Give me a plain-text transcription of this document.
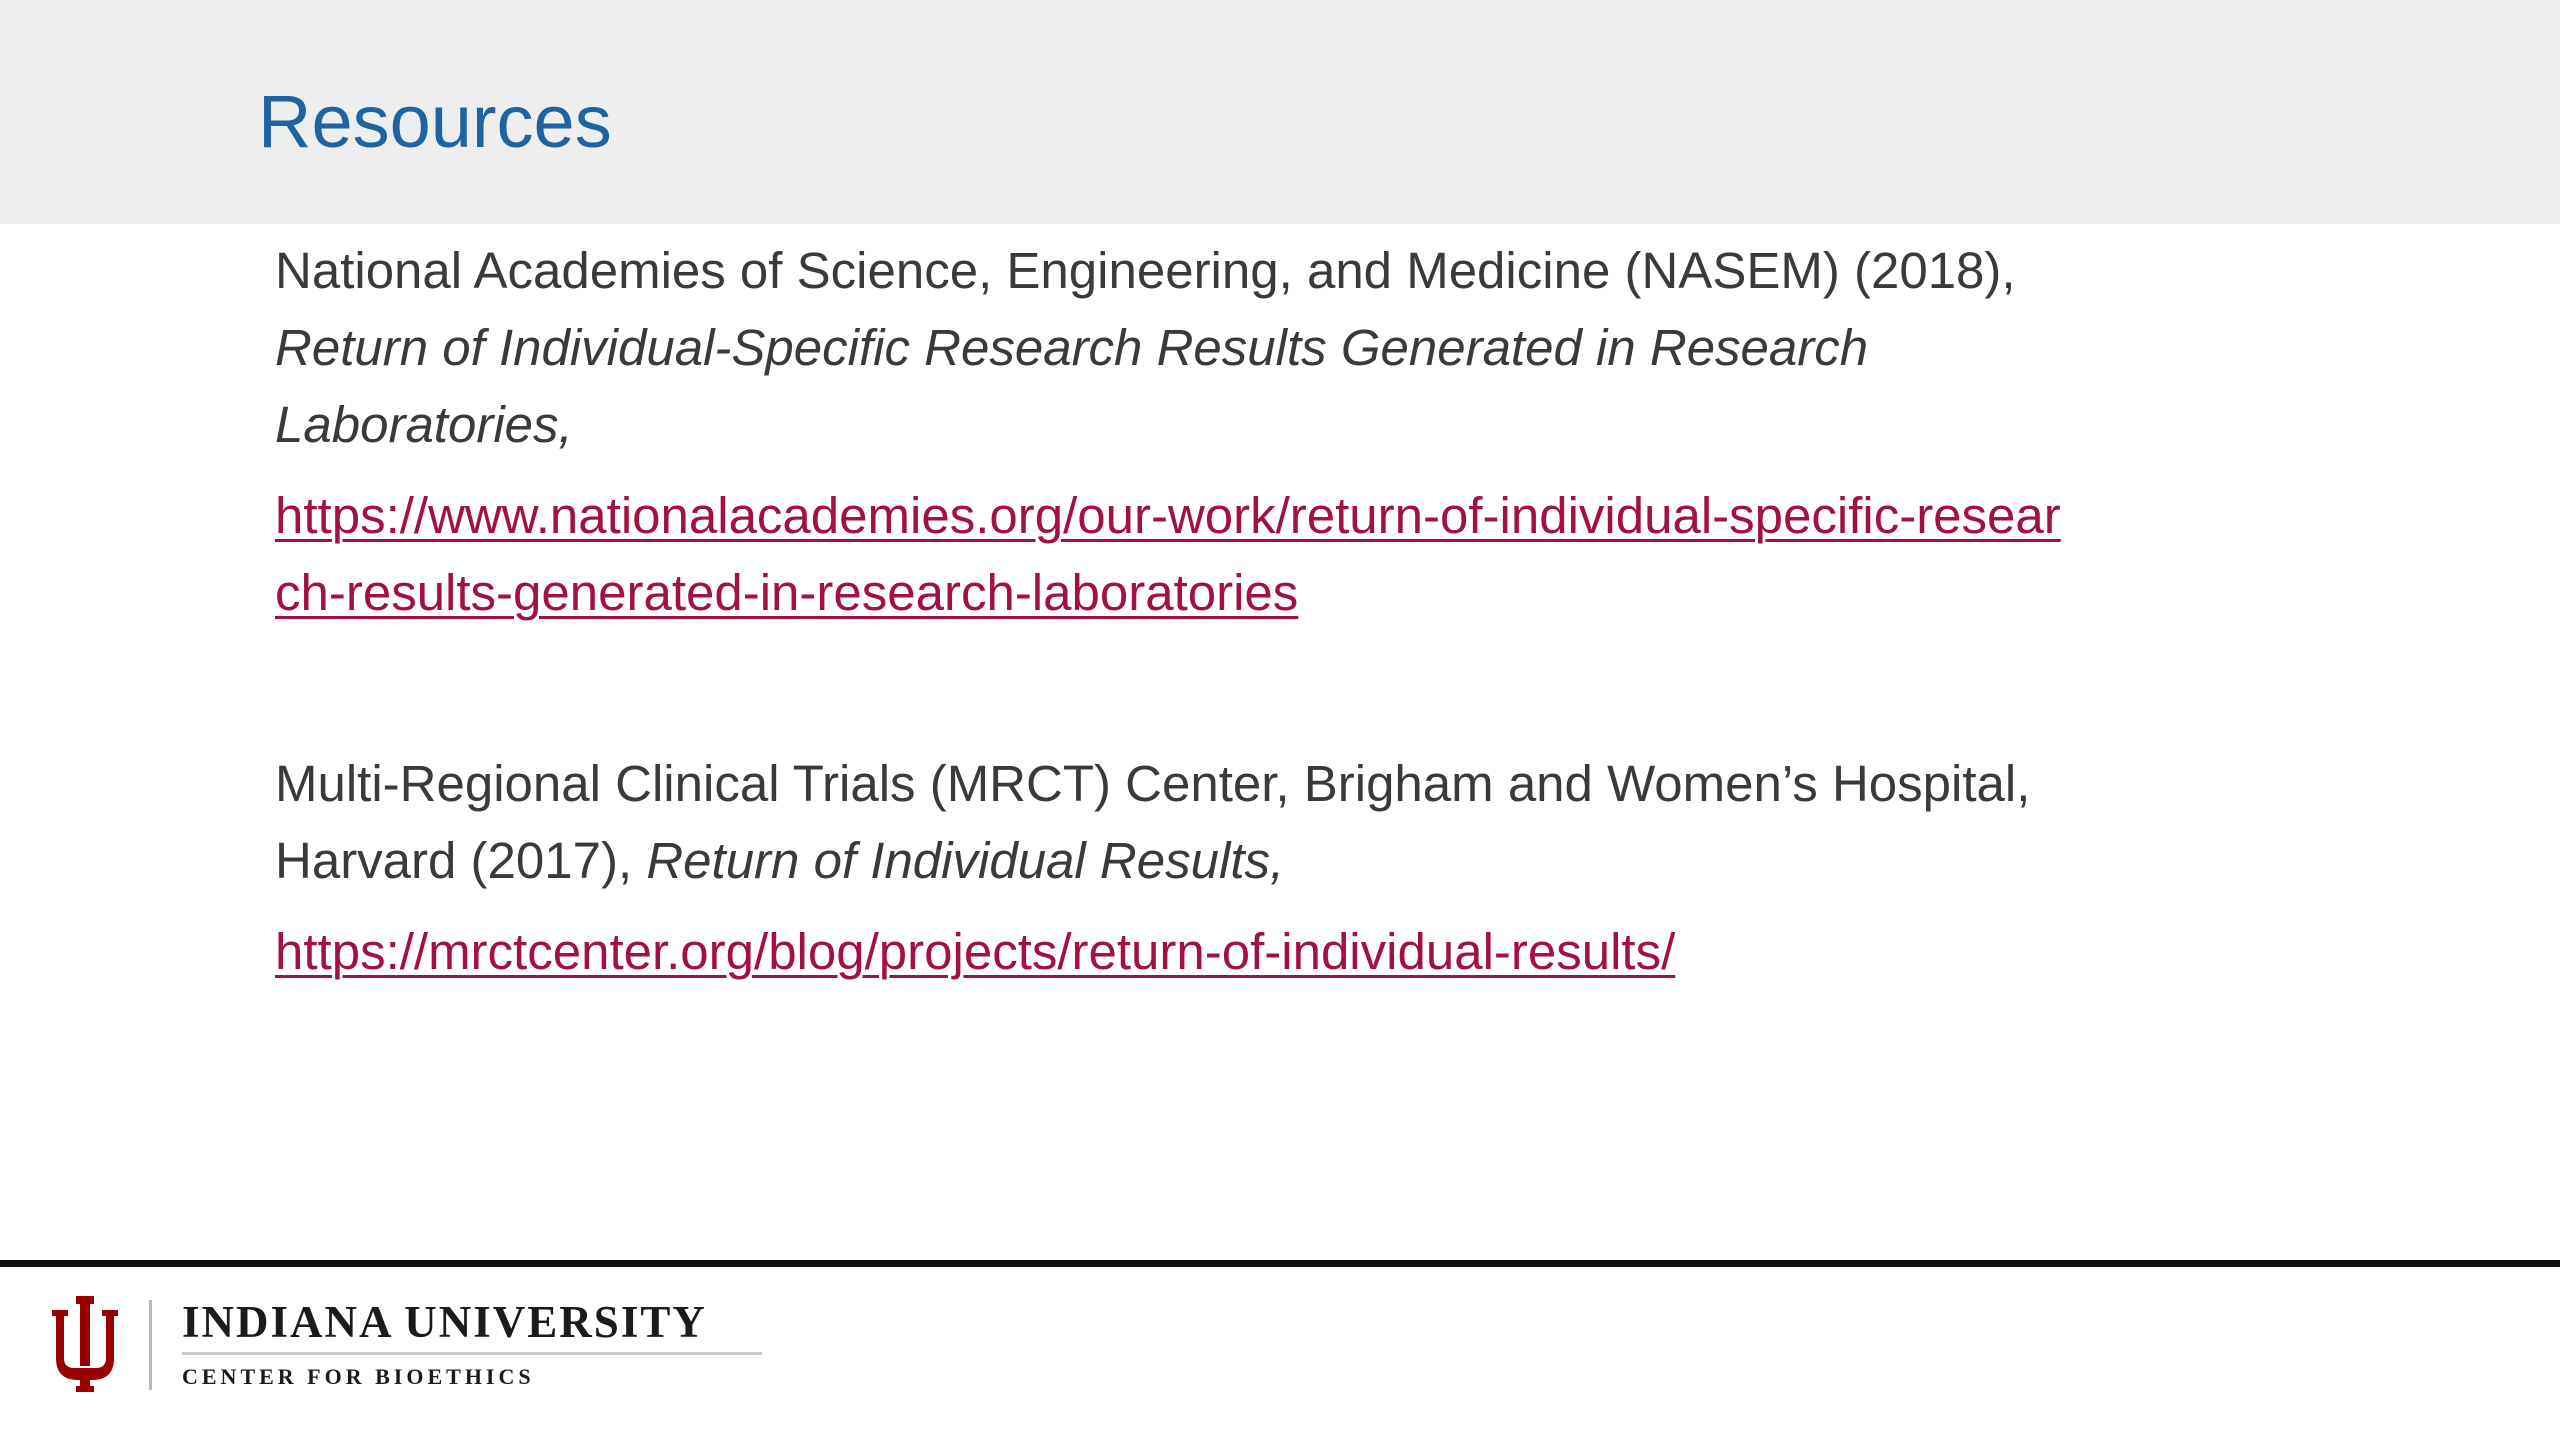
Resources

National Academies of Science, Engineering, and Medicine (NASEM) (2018), Return of Individual-Specific Research Results Generated in Research Laboratories,

https://www.nationalacademies.org/our-work/return-of-individual-specific-research-results-generated-in-research-laboratories

Multi-Regional Clinical Trials (MRCT) Center, Brigham and Women’s Hospital, Harvard (2017), Return of Individual Results,

https://mrctcenter.org/blog/projects/return-of-individual-results/

INDIANA UNIVERSITY

CENTER FOR BIOETHICS
